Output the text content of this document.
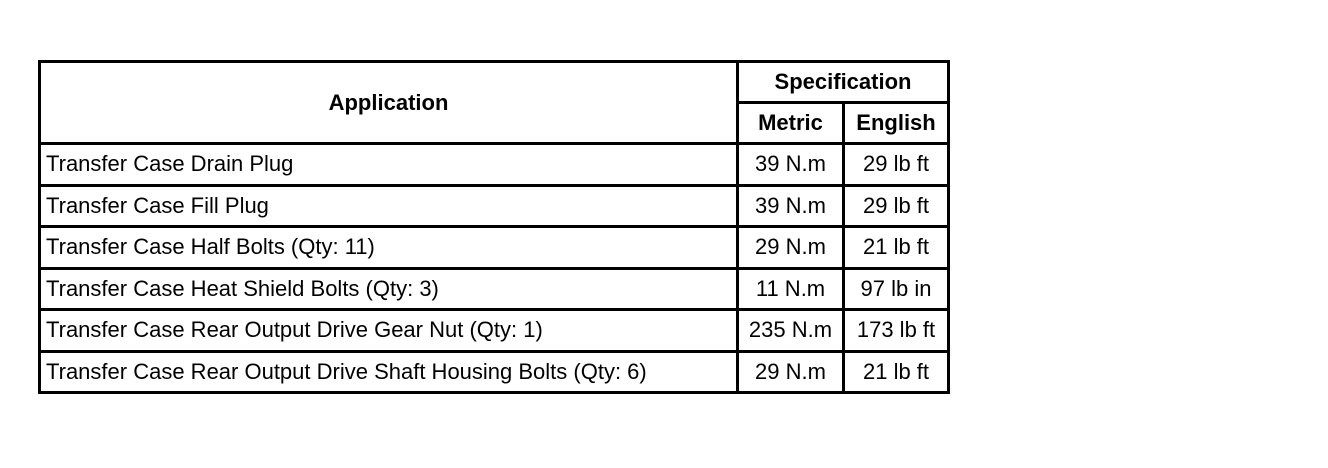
Application	Specification	
	Metric	English
Transfer Case Drain Plug	39 N.m	29 lb ft
Transfer Case Fill Plug	39 N.m	29 lb ft
Transfer Case Half Bolts (Qty: 11)	29 N.m	21 lb ft
Transfer Case Heat Shield Bolts (Qty: 3)	11 N.m	97 lb in
Transfer Case Rear Output Drive Gear Nut (Qty: 1)	235 N.m	173 lb ft
Transfer Case Rear Output Drive Shaft Housing Bolts (Qty: 6)	29 N.m	21 lb ft
